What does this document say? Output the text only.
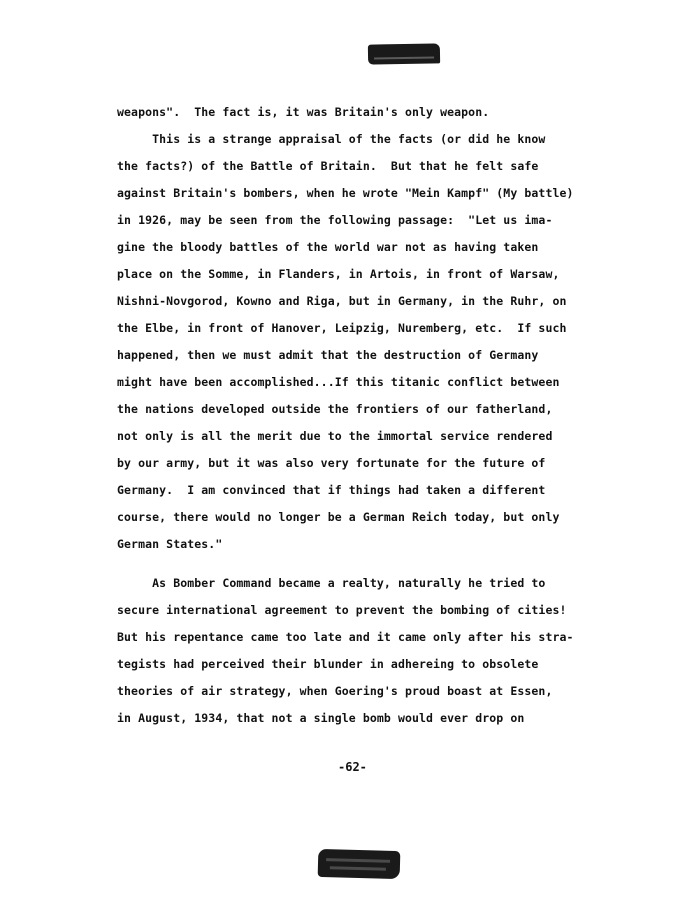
weapons".  The fact is, it was Britain's only weapon.
This is a strange appraisal of the facts (or did he know
the facts?) of the Battle of Britain.  But that he felt safe
against Britain's bombers, when he wrote "Mein Kampf" (My battle)
in 1926, may be seen from the following passage:  "Let us ima-
gine the bloody battles of the world war not as having taken
place on the Somme, in Flanders, in Artois, in front of Warsaw,
Nishni-Novgorod, Kowno and Riga, but in Germany, in the Ruhr, on
the Elbe, in front of Hanover, Leipzig, Nuremberg, etc.  If such
happened, then we must admit that the destruction of Germany
might have been accomplished...If this titanic conflict between
the nations developed outside the frontiers of our fatherland,
not only is all the merit due to the immortal service rendered
by our army, but it was also very fortunate for the future of
Germany.  I am convinced that if things had taken a different
course, there would no longer be a German Reich today, but only
German States."
As Bomber Command became a realty, naturally he tried to
secure international agreement to prevent the bombing of cities!
But his repentance came too late and it came only after his stra-
tegists had perceived their blunder in adhereing to obsolete
theories of air strategy, when Goering's proud boast at Essen,
in August, 1934, that not a single bomb would ever drop on
-62-
